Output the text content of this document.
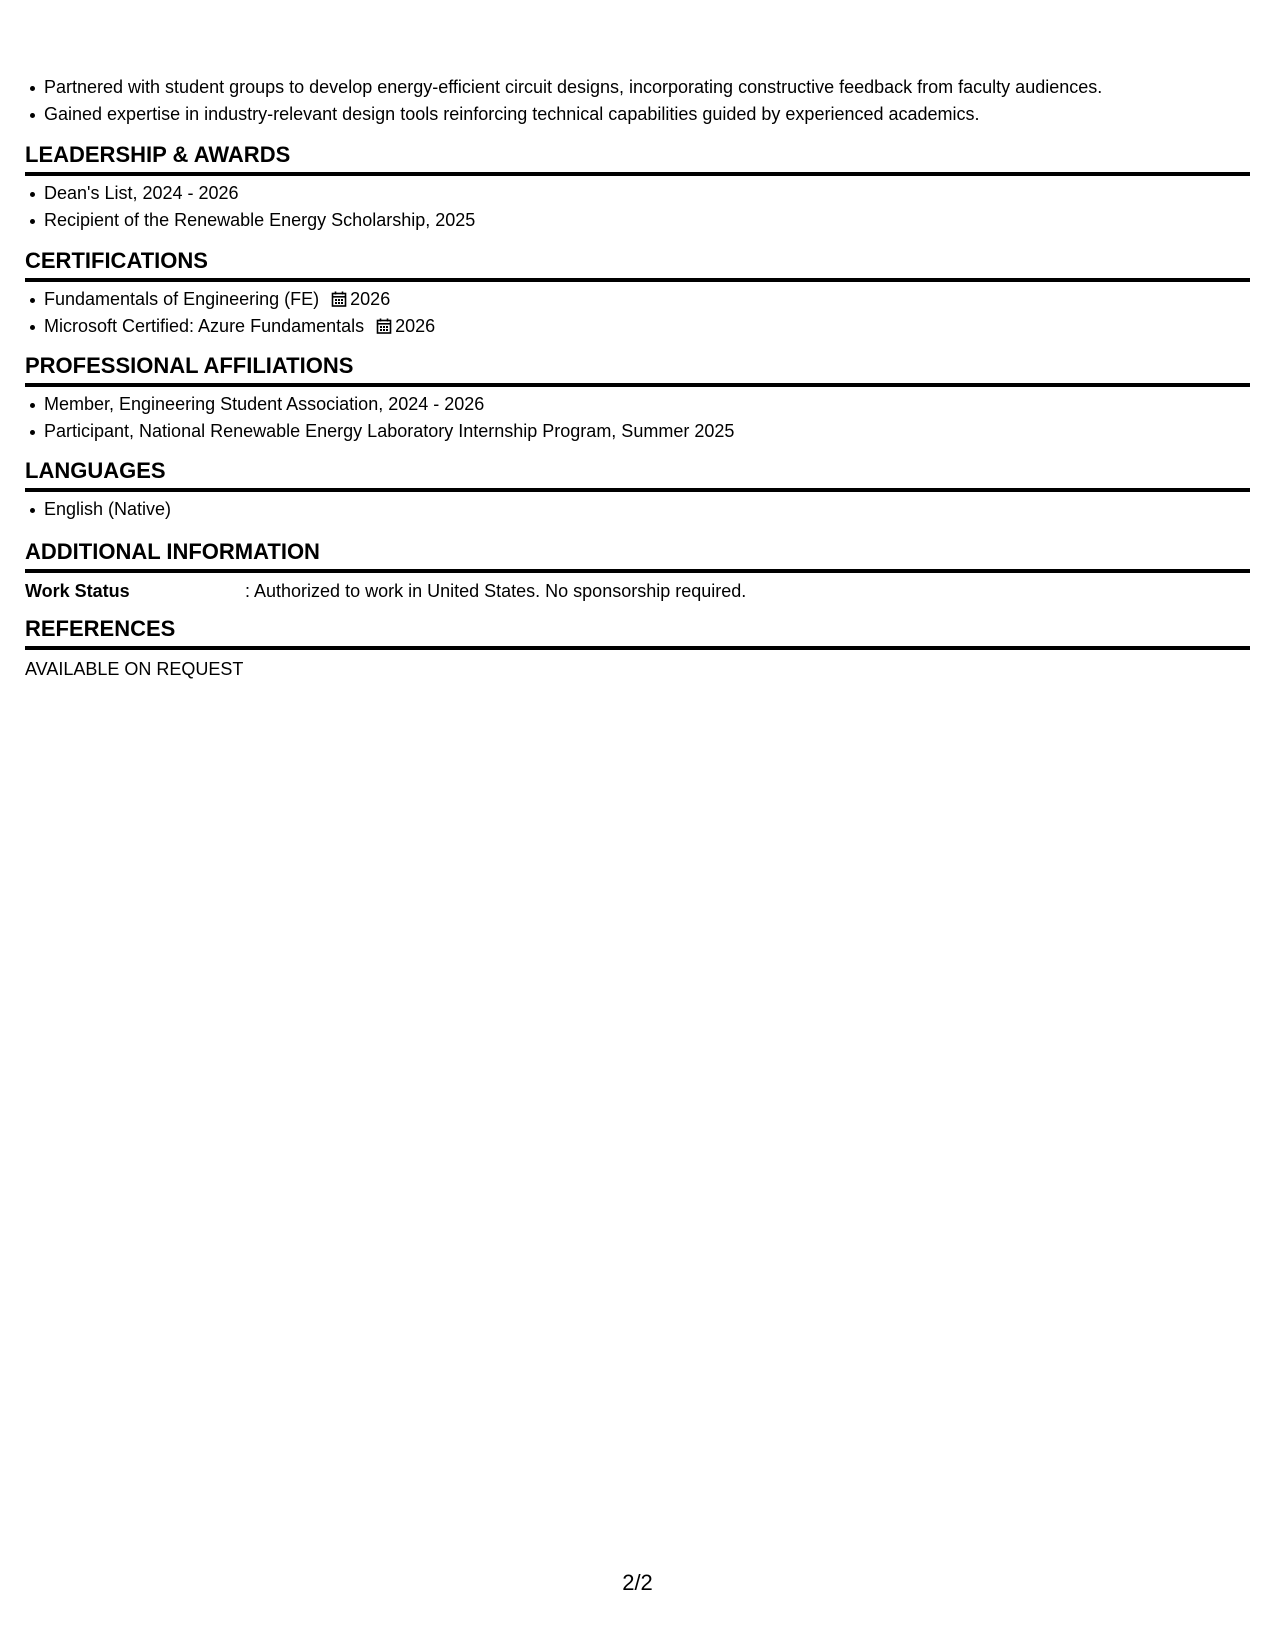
Partnered with student groups to develop energy-efficient circuit designs, incorporating constructive feedback from faculty audiences.
Gained expertise in industry-relevant design tools reinforcing technical capabilities guided by experienced academics.
LEADERSHIP & AWARDS
Dean's List, 2024 - 2026
Recipient of the Renewable Energy Scholarship, 2025
CERTIFICATIONS
Fundamentals of Engineering (FE) 2026
Microsoft Certified: Azure Fundamentals 2026
PROFESSIONAL AFFILIATIONS
Member, Engineering Student Association, 2024 - 2026
Participant, National Renewable Energy Laboratory Internship Program, Summer 2025
LANGUAGES
English (Native)
ADDITIONAL INFORMATION
Work Status	: Authorized to work in United States. No sponsorship required.
REFERENCES
AVAILABLE ON REQUEST
2/2
